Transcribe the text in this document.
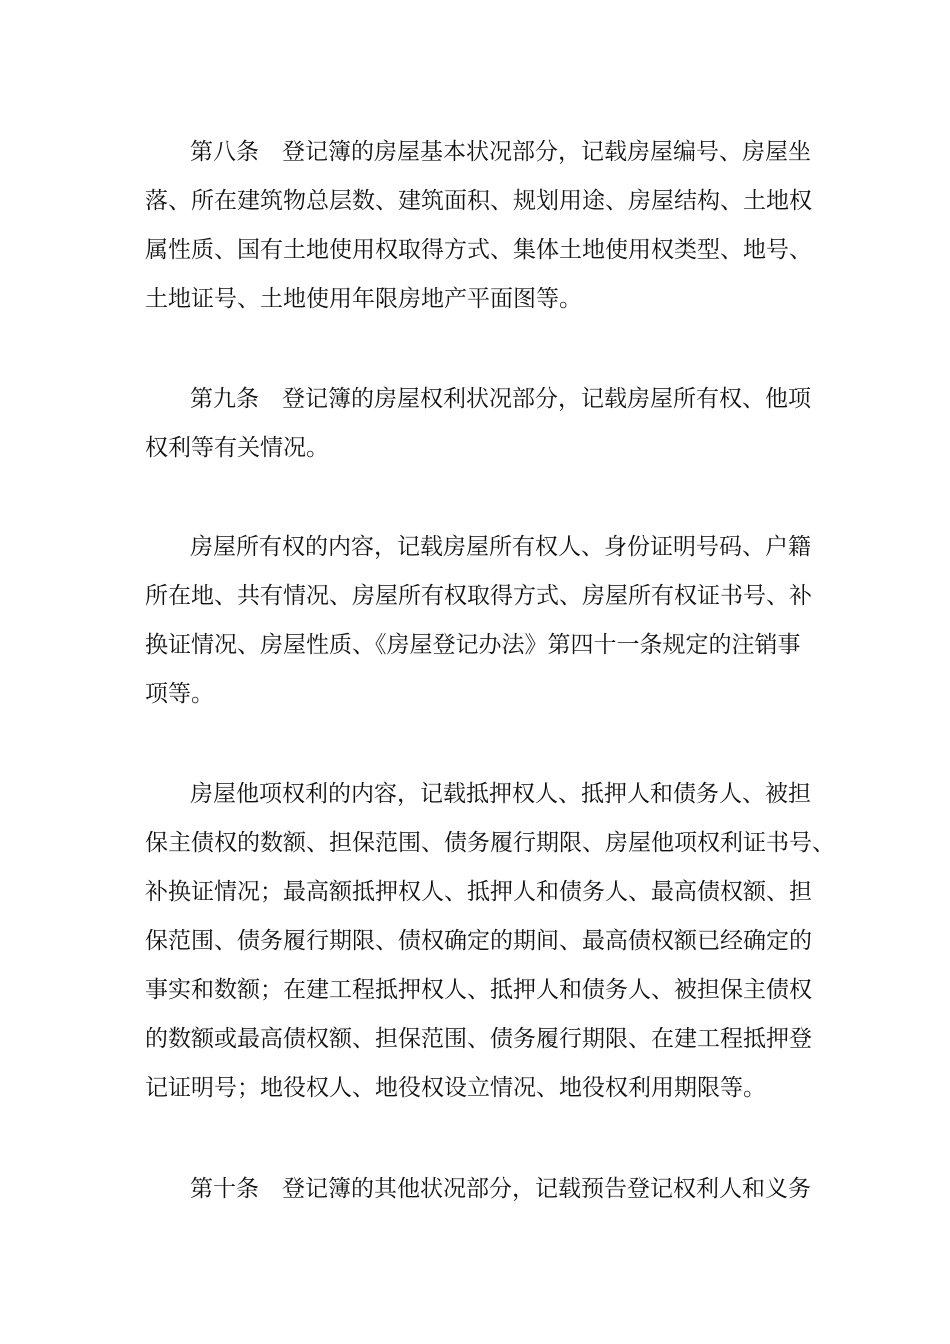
第八条　登记簿的房屋基本状况部分，记载房屋编号、房屋坐
落、所在建筑物总层数、建筑面积、规划用途、房屋结构、土地权
属性质、国有土地使用权取得方式、集体土地使用权类型、地号、
土地证号、土地使用年限房地产平面图等。
第九条　登记簿的房屋权利状况部分，记载房屋所有权、他项
权利等有关情况。
房屋所有权的内容，记载房屋所有权人、身份证明号码、户籍
所在地、共有情况、房屋所有权取得方式、房屋所有权证书号、补
换证情况、房屋性质、《房屋登记办法》第四十一条规定的注销事
项等。
房屋他项权利的内容，记载抵押权人、抵押人和债务人、被担
保主债权的数额、担保范围、债务履行期限、房屋他项权利证书号、
补换证情况；最高额抵押权人、抵押人和债务人、最高债权额、担
保范围、债务履行期限、债权确定的期间、最高债权额已经确定的
事实和数额；在建工程抵押权人、抵押人和债务人、被担保主债权
的数额或最高债权额、担保范围、债务履行期限、在建工程抵押登
记证明号；地役权人、地役权设立情况、地役权利用期限等。
第十条　登记簿的其他状况部分，记载预告登记权利人和义务
